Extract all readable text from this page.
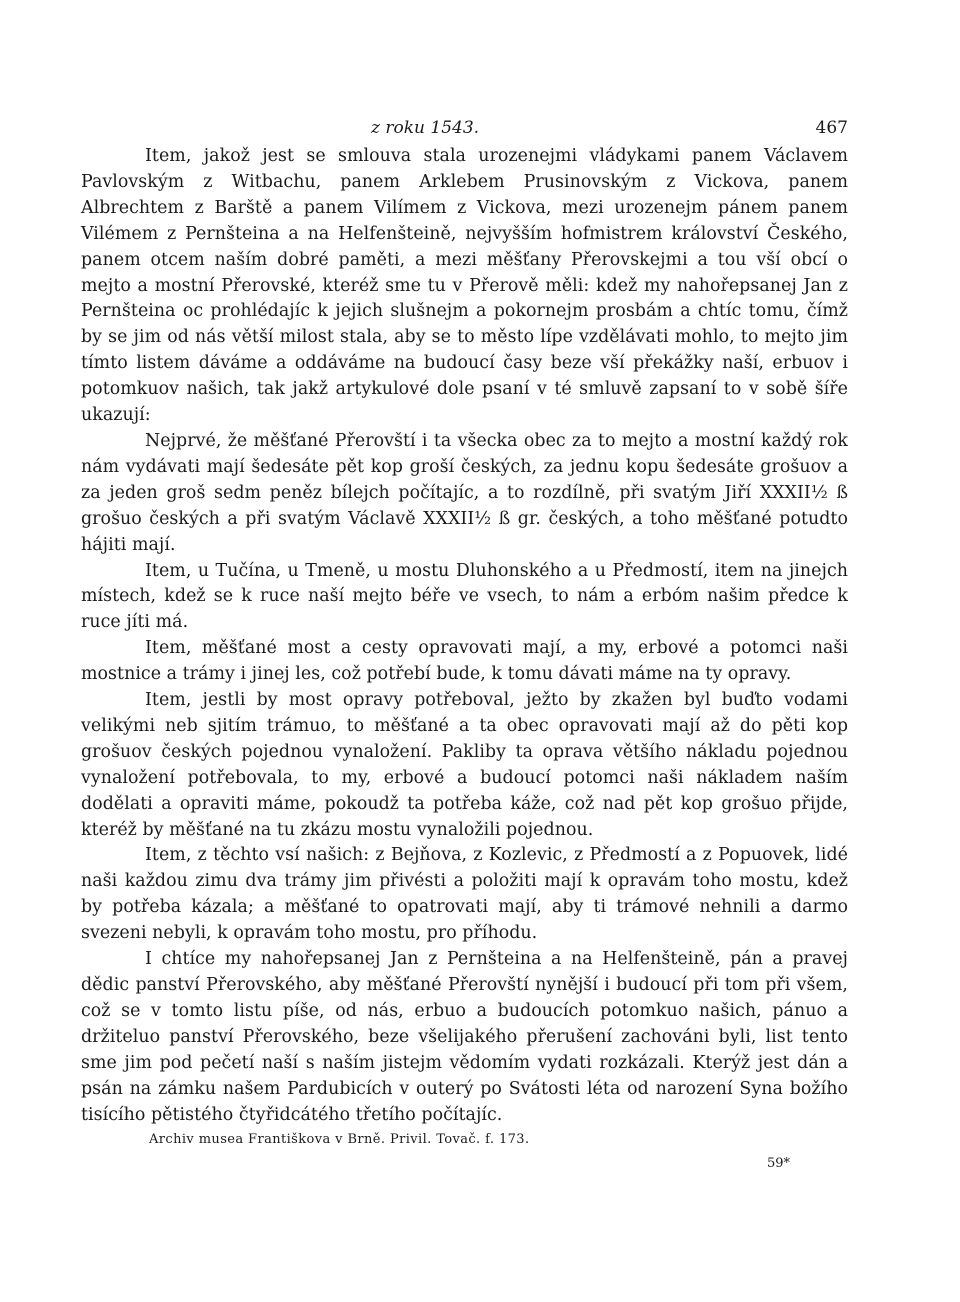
z roku 1543.	467

Item, jakož jest se smlouva stala urozenejmi vládykami panem Václavem Pavlovským z Witbachu, panem Arklebem Prusinovským z Vickova, panem Albrechtem z Barště a panem Vilímem z Vickova, mezi urozenejm pánem panem Vilémem z Pernšteina a na Helfenšteině, nejvyšším hofmistrem království Českého, panem otcem naším dobré paměti, a mezi měšťany Přerovskejmi a tou vší obcí o mejto a mostní Přerovské, kteréž sme tu v Přerově měli: kdež my nahořepsanej Jan z Pernšteina oc prohlédajíc k jejich slušnejm a pokornejm prosbám a chtíc tomu, čímž by se jim od nás větší milost stala, aby se to město lípe vzdělávati mohlo, to mejto jim tímto listem dáváme a oddáváme na budoucí časy beze vší překážky naší, erbuov i potomkuov našich, tak jakž artykulové dole psaní v té smluvě zapsaní to v sobě šíře ukazují:

Nejprvé, že měšťané Přerovští i ta všecka obec za to mejto a mostní každý rok nám vydávati mají šedesáte pět kop groší českých, za jednu kopu šedesáte grošuov a za jeden groš sedm peněz bílejch počítajíc, a to rozdílně, při svatým Jiří XXXII½ ß grošuo českých a při svatým Václavě XXXII½ ß gr. českých, a toho měšťané potudto hájiti mají.

Item, u Tučína, u Tmeně, u mostu Dluhonského a u Předmostí, item na jinejch místech, kdež se k ruce naší mejto béře ve vsech, to nám a erbóm našim předce k ruce jíti má.

Item, měšťané most a cesty opravovati mají, a my, erbové a potomci naši mostnice a trámy i jinej les, což potřebí bude, k tomu dávati máme na ty opravy.

Item, jestli by most opravy potřeboval, ježto by zkažen byl buďto vodami velikými neb sjitím trámuo, to měšťané a ta obec opravovati mají až do pěti kop grošuov českých pojednou vynaložení. Pakliby ta oprava většího nákladu pojednou vynaložení potřebovala, to my, erbové a budoucí potomci naši nákladem naším dodělati a opraviti máme, pokoudž ta potřeba káže, což nad pět kop grošuo přijde, kteréž by měšťané na tu zkázu mostu vynaložili pojednou.

Item, z těchto vsí našich: z Bejňova, z Kozlevic, z Předmostí a z Popuovek, lidé naši každou zimu dva trámy jim přivésti a položiti mají k opravám toho mostu, kdež by potřeba kázala; a měšťané to opatrovati mají, aby ti trámové nehnili a darmo svezeni nebyli, k opravám toho mostu, pro příhodu.

I chtíce my nahořepsanej Jan z Pernšteina a na Helfenšteině, pán a pravej dědic panství Přerovského, aby měšťané Přerovští nynější i budoucí při tom při všem, což se v tomto listu píše, od nás, erbuo a budoucích potomkuo našich, pánuo a držiteluo panství Přerovského, beze všelijakého přerušení zachováni byli, list tento sme jim pod pečetí naší s naším jistejm vědomím vydati rozkázali. Kterýž jest dán a psán na zámku našem Pardubicích v outerý po Svátosti léta od narození Syna božího tisícího pětistého čtyřidcátého třetího počítajíc.

Archiv musea Františkova v Brně. Privil. Tovač. f. 173.
59*
